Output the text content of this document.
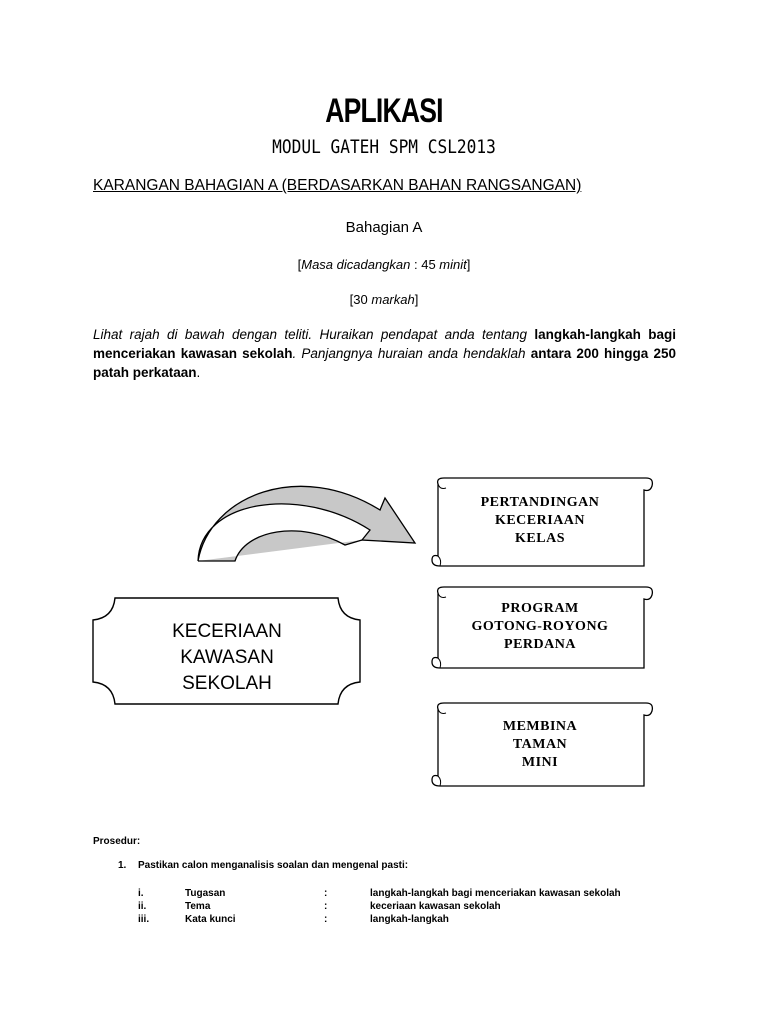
APLIKASI
MODUL GATEH SPM CSL2013
KARANGAN BAHAGIAN A (BERDASARKAN BAHAN RANGSANGAN)
Bahagian A
[Masa dicadangkan : 45 minit]
[30 markah]
Lihat rajah di bawah dengan teliti. Huraikan pendapat anda tentang langkah-langkah bagi menceriakan kawasan sekolah. Panjangnya huraian anda hendaklah antara 200 hingga 250 patah perkataan.
KECERIAAN
KAWASAN
SEKOLAH
PERTANDINGAN
KECERIAAN
KELAS
PROGRAM
GOTONG-ROYONG
PERDANA
MEMBINA
TAMAN
MINI
Prosedur:
1. Pastikan calon menganalisis soalan dan mengenal pasti:
i.	Tugasan	:	langkah-langkah bagi menceriakan kawasan sekolah
ii.	Tema	:	keceriaan kawasan sekolah
iii.	Kata kunci	:	langkah-langkah
